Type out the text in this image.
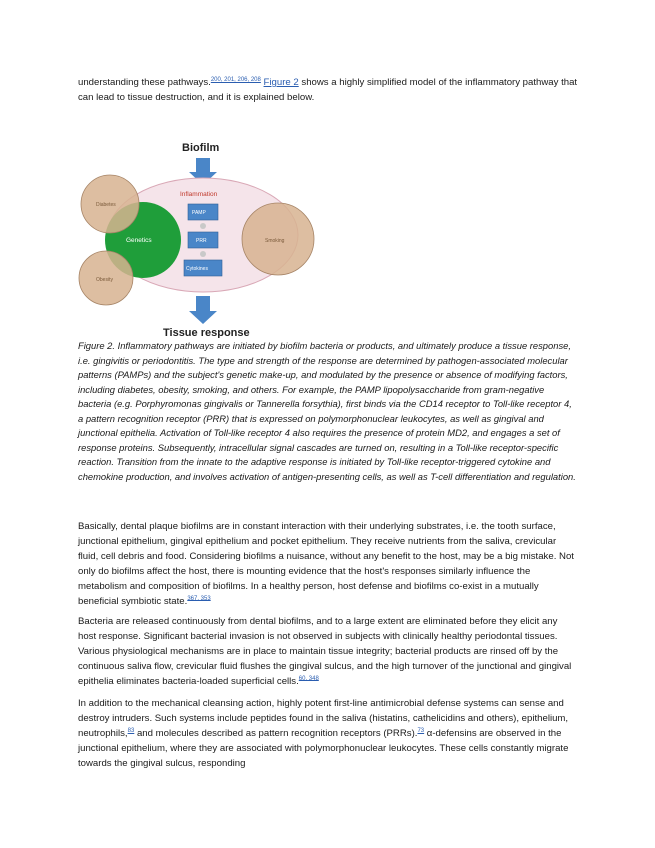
understanding these pathways.$^{200, 201, 206, 208}$ Figure 2 shows a highly simplified model of the inflammatory pathway that can lead to tissue destruction, and it is explained below.

Biofilm
Inflammation
Genetics
Diabetes
Obesity
Smoking
PAMP
PRR
Cytokines
Tissue response
Figure 2. Inflammatory pathways are initiated by biofilm bacteria or products, and ultimately produce a tissue response, i.e. gingivitis or periodontitis. The type and strength of the response are determined by pathogen-associated molecular patterns (PAMPs) and the subject's genetic make-up, and modulated by the presence or absence of modifying factors, including diabetes, obesity, smoking, and others. For example, the PAMP lipopolysaccharide from gram-negative bacteria (e.g. Porphyromonas gingivalis or Tannerella forsythia), first binds via the CD14 receptor to Toll-like receptor 4, a pattern recognition receptor (PRR) that is expressed on polymorphonuclear leukocytes, as well as gingival and junctional epithelia. Activation of Toll-like receptor 4 also requires the presence of protein MD2, and engages a set of response proteins. Subsequently, intracellular signal cascades are turned on, resulting in a Toll-like receptor-specific reaction. Transition from the innate to the adaptive response is initiated by Toll-like receptor-triggered cytokine and chemokine production, and involves activation of antigen-presenting cells, as well as T-cell differentiation and regulation.

Basically, dental plaque biofilms are in constant interaction with their underlying substrates, i.e. the tooth surface, junctional epithelium, gingival epithelium and pocket epithelium. They receive nutrients from the saliva, crevicular fluid, cell debris and food. Considering biofilms a nuisance, without any benefit to the host, may be a big mistake. Not only do biofilms affect the host, there is mounting evidence that the host's responses similarly influence the metabolism and composition of biofilms. In a healthy person, host defense and biofilms co-exist in a mutually beneficial symbiotic state.$^{367, 353}$

Bacteria are released continuously from dental biofilms, and to a large extent are eliminated before they elicit any host response. Significant bacterial invasion is not observed in subjects with clinically healthy periodontal tissues. Various physiological mechanisms are in place to maintain tissue integrity; bacterial products are rinsed off by the continuous saliva flow, crevicular fluid flushes the gingival sulcus, and the high turnover of the junctional and gingival epithelia eliminates bacteria-loaded superficial cells.$^{60, 348}$

In addition to the mechanical cleansing action, highly potent first-line antimicrobial defense systems can sense and destroy intruders. Such systems include peptides found in the saliva (histatins, cathelicidins and others), epithelium, neutrophils,$^{83}$ and molecules described as pattern recognition receptors (PRRs).$^{73}$ α-defensins are observed in the junctional epithelium, where they are associated with polymorphonuclear leukocytes. These cells constantly migrate towards the gingival sulcus, responding
